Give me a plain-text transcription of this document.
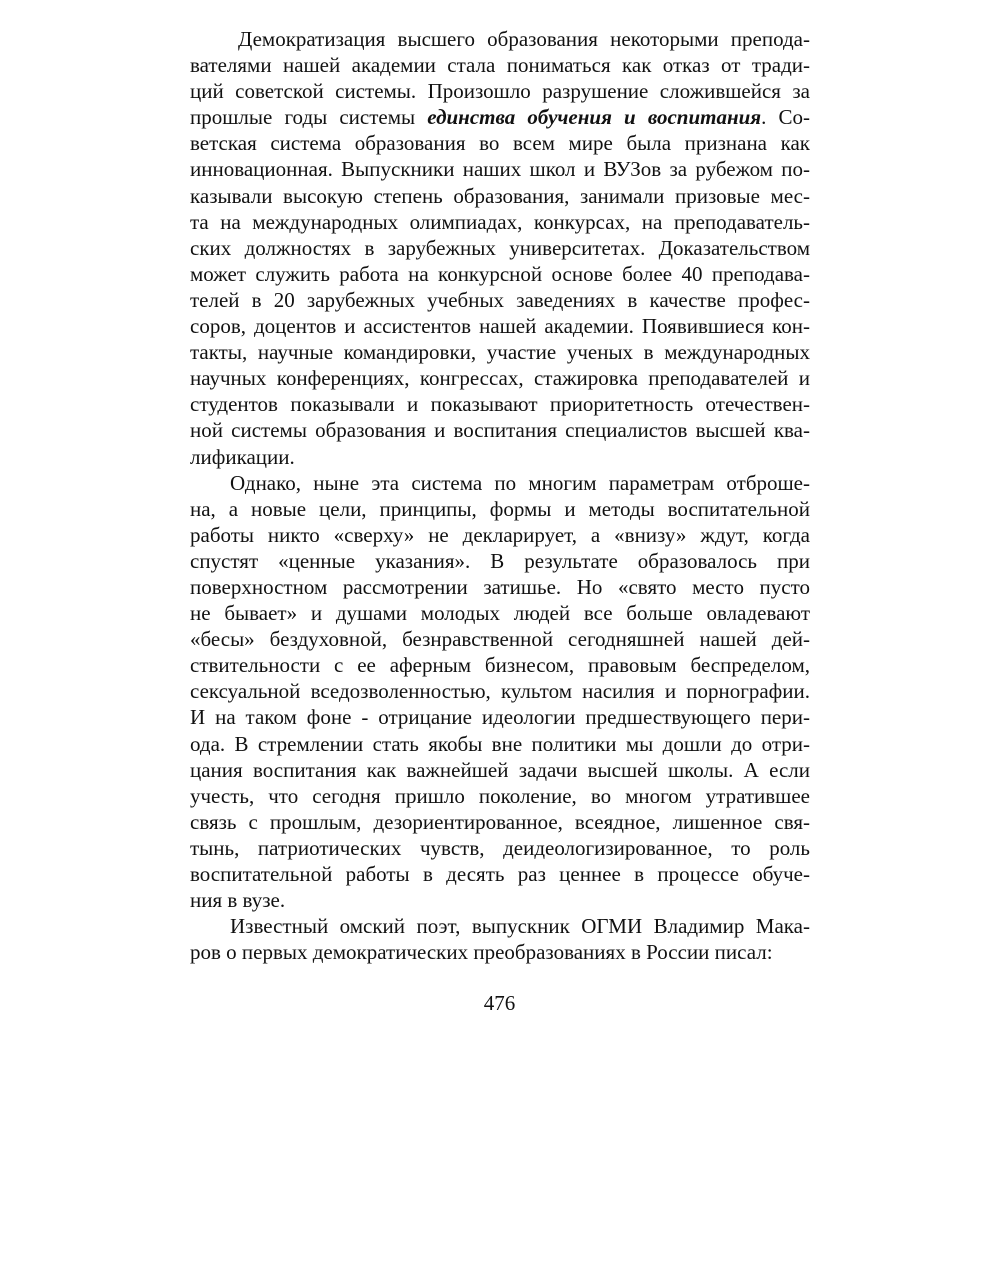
Демократизация высшего образования некоторыми препода-
вателями нашей академии стала пониматься как отказ от тради-
ций советской системы. Произошло разрушение сложившейся за
прошлые годы системы единства обучения и воспитания. Со-
ветская система образования во всем мире была признана как
инновационная. Выпускники наших школ и ВУЗов за рубежом по-
казывали высокую степень образования, занимали призовые мес-
та на международных олимпиадах, конкурсах, на преподаватель-
ских должностях в зарубежных университетах. Доказательством
может служить работа на конкурсной основе более 40 преподава-
телей в 20 зарубежных учебных заведениях в качестве профес-
соров, доцентов и ассистентов нашей академии. Появившиеся кон-
такты, научные командировки, участие ученых в международных
научных конференциях, конгрессах, стажировка преподавателей и
студентов показывали и показывают приоритетность отечествен-
ной системы образования и воспитания специалистов высшей ква-
лификации.
Однако, ныне эта система по многим параметрам отброше-
на, а новые цели, принципы, формы и методы воспитательной
работы никто «сверху» не декларирует, а «внизу» ждут, когда
спустят «ценные указания». В результате образовалось при
поверхностном рассмотрении затишье. Но «свято место пусто
не бывает» и душами молодых людей все больше овладевают
«бесы» бездуховной, безнравственной сегодняшней нашей дей-
ствительности с ее аферным бизнесом, правовым беспределом,
сексуальной вседозволенностью, культом насилия и порнографии.
И на таком фоне - отрицание идеологии предшествующего пери-
ода. В стремлении стать якобы вне политики мы дошли до отри-
цания воспитания как важнейшей задачи высшей школы. А если
учесть, что сегодня пришло поколение, во многом утратившее
связь с прошлым, дезориентированное, всеядное, лишенное свя-
тынь, патриотических чувств, деидеологизированное, то роль
воспитательной работы в десять раз ценнее в процессе обуче-
ния в вузе.
Известный омский поэт, выпускник ОГМИ Владимир Мака-
ров о первых демократических преобразованиях в России писал:
476
